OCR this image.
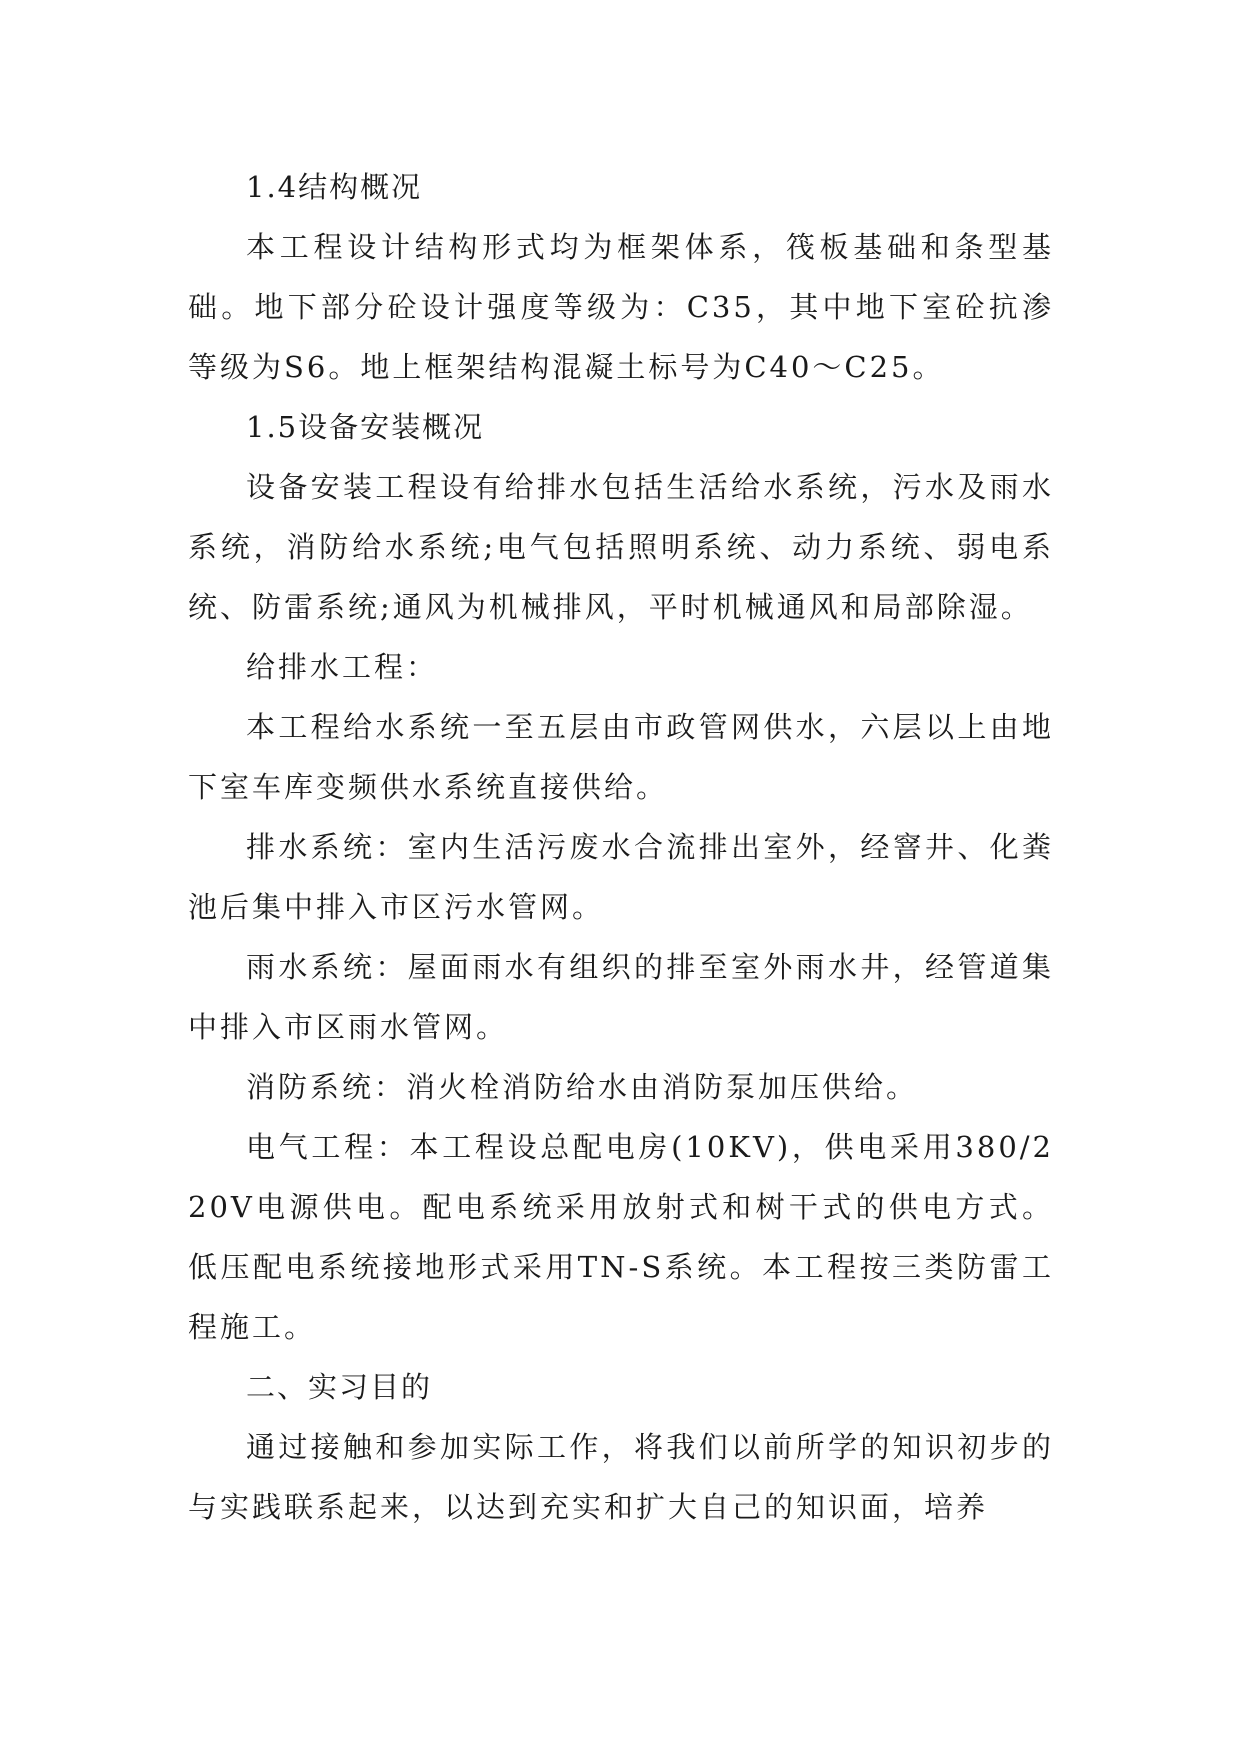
1.4结构概况

本工程设计结构形式均为框架体系，筏板基础和条型基础。地下部分砼设计强度等级为：C35，其中地下室砼抗渗等级为S6。地上框架结构混凝土标号为C40～C25。

1.5设备安装概况

设备安装工程设有给排水包括生活给水系统，污水及雨水系统，消防给水系统;电气包括照明系统、动力系统、弱电系统、防雷系统;通风为机械排风，平时机械通风和局部除湿。

给排水工程：

本工程给水系统一至五层由市政管网供水，六层以上由地下室车库变频供水系统直接供给。

排水系统：室内生活污废水合流排出室外，经窨井、化粪池后集中排入市区污水管网。

雨水系统：屋面雨水有组织的排至室外雨水井，经管道集中排入市区雨水管网。

消防系统：消火栓消防给水由消防泵加压供给。

电气工程：本工程设总配电房(10KV)，供电采用380/220V电源供电。配电系统采用放射式和树干式的供电方式。低压配电系统接地形式采用TN-S系统。本工程按三类防雷工程施工。

二、实习目的

通过接触和参加实际工作，将我们以前所学的知识初步的与实践联系起来，以达到充实和扩大自己的知识面，培养
